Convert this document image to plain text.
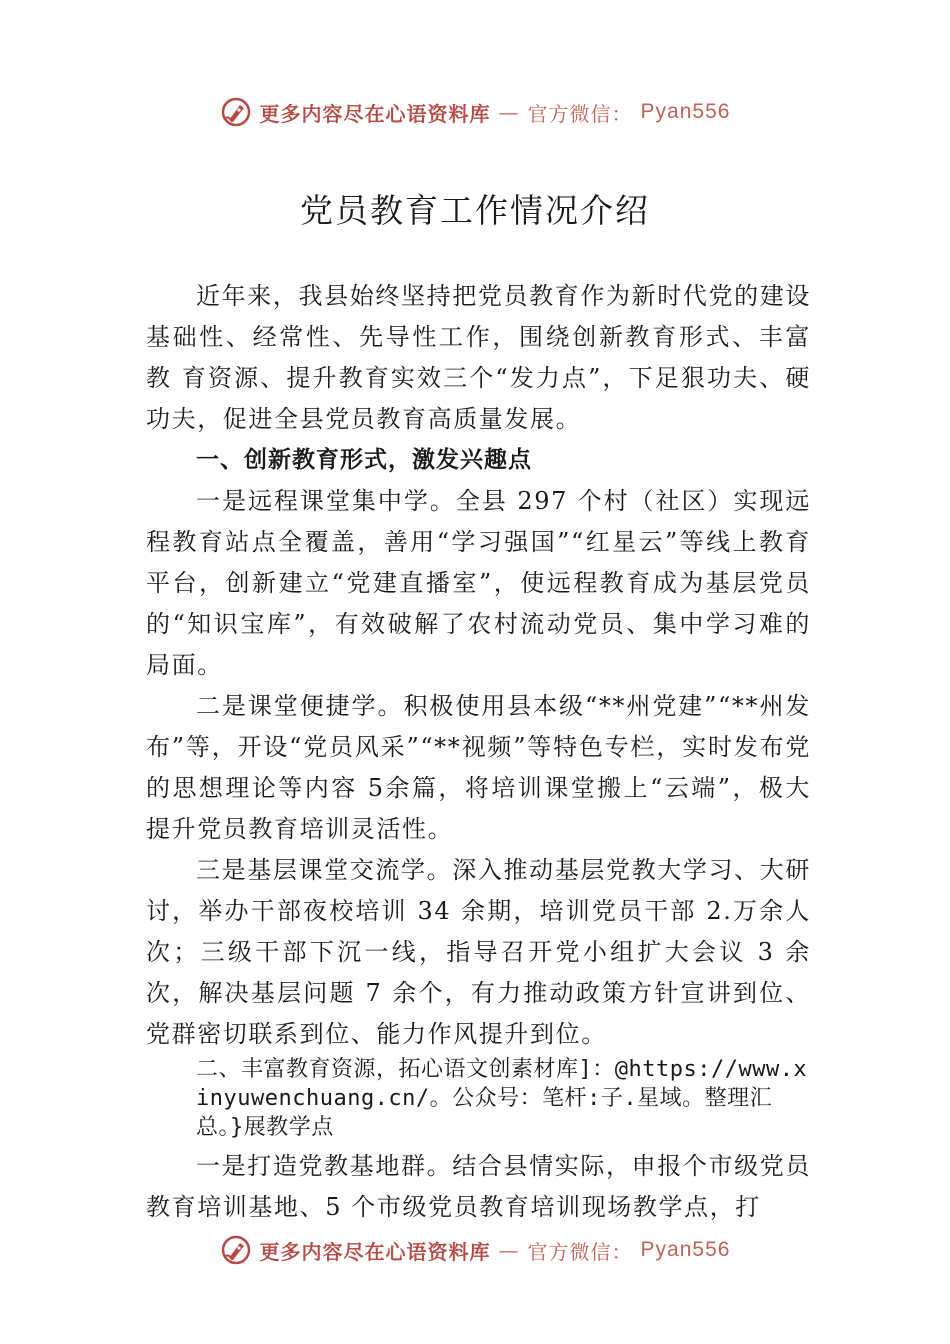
更多内容尽在心语资料库 — 官方微信： Pyan556
党员教育工作情况介绍

近年来，我县始终坚持把党员教育作为新时代党的建设基础性、经常性、先导性工作，围绕创新教育形式、丰富教 育资源、提升教育实效三个“发力点”，下足狠功夫、硬功夫，促进全县党员教育高质量发展。

一、创新教育形式，激发兴趣点

一是远程课堂集中学。全县 297 个村（社区）实现远程教育站点全覆盖，善用“学习强国”“红星云”等线上教育平台，创新建立“党建直播室”，使远程教育成为基层党员的“知识宝库”，有效破解了农村流动党员、集中学习难的局面。

二是课堂便捷学。积极使用县本级“**州党建”“**州发布”等，开设“党员风采”“**视频”等特色专栏，实时发布党的思想理论等内容 5余篇，将培训课堂搬上“云端”，极大提升党员教育培训灵活性。

三是基层课堂交流学。深入推动基层党教大学习、大研讨，举办干部夜校培训 34 余期，培训党员干部 2.万余人次；三级干部下沉一线，指导召开党小组扩大会议 3 余次，解决基层问题 7 余个，有力推动政策方针宣讲到位、党群密切联系到位、能力作风提升到位。

二、丰富教育资源，拓心语文创素材库]：@https://www.xinyuwenchuang.cn/。公众号：笔杆:子.星域。整理汇总。}展教学点

一是打造党教基地群。结合县情实际，申报个市级党员教育培训基地、5 个市级党员教育培训现场教学点，打

更多内容尽在心语资料库 — 官方微信： Pyan556
